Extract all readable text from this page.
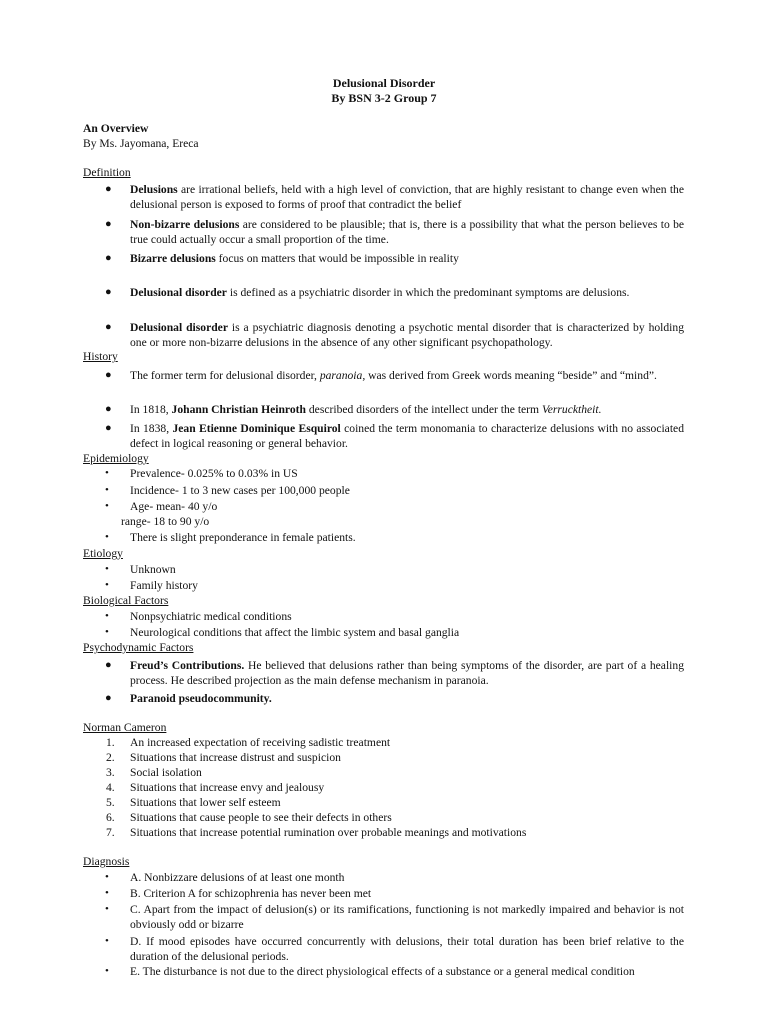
Delusional Disorder
By BSN 3-2 Group 7
An Overview
By Ms. Jayomana, Ereca
Definition
●	Delusions are irrational beliefs, held with a high level of conviction, that are highly resistant to change even when the delusional person is exposed to forms of proof that contradict the belief
●	Non-bizarre delusions are considered to be plausible; that is, there is a possibility that what the person believes to be true could actually occur a small proportion of the time.
●	Bizarre delusions focus on matters that would be impossible in reality
●	Delusional disorder is defined as a psychiatric disorder in which the predominant symptoms are delusions.
●	Delusional disorder is a psychiatric diagnosis denoting a psychotic mental disorder that is characterized by holding one or more non-bizarre delusions in the absence of any other significant psychopathology.
History
●	The former term for delusional disorder, paranoia, was derived from Greek words meaning “beside” and “mind”.
●	In 1818, Johann Christian Heinroth described disorders of the intellect under the term Verrucktheit.
●	In 1838, Jean Etienne Dominique Esquirol coined the term monomania to characterize delusions with no associated defect in logical reasoning or general behavior.
Epidemiology
•	Prevalence- 0.025% to 0.03% in US
•	Incidence- 1 to 3 new cases per 100,000 people
•	Age- mean- 40 y/o
range- 18 to 90 y/o
•	There is slight preponderance in female patients.
Etiology
•	Unknown
•	Family history
Biological Factors
•	Nonpsychiatric medical conditions
•	Neurological conditions that affect the limbic system and basal ganglia
Psychodynamic Factors
●	Freud’s Contributions. He believed that delusions rather than being symptoms of the disorder, are part of a healing process. He described projection as the main defense mechanism in paranoia.
●	Paranoid pseudocommunity.
Norman Cameron
1. An increased expectation of receiving sadistic treatment
2. Situations that increase distrust and suspicion
3. Social isolation
4. Situations that increase envy and jealousy
5. Situations that lower self esteem
6. Situations that cause people to see their defects in others
7. Situations that increase potential rumination over probable meanings and motivations
Diagnosis
•	A. Nonbizzare delusions of at least one month
•	B. Criterion A for schizophrenia has never been met
•	C. Apart from the impact of delusion(s) or its ramifications, functioning is not markedly impaired and behavior is not obviously odd or bizarre
•	D. If mood episodes have occurred concurrently with delusions, their total duration has been brief relative to the duration of the delusional periods.
•	E. The disturbance is not due to the direct physiological effects of a substance or a general medical condition
